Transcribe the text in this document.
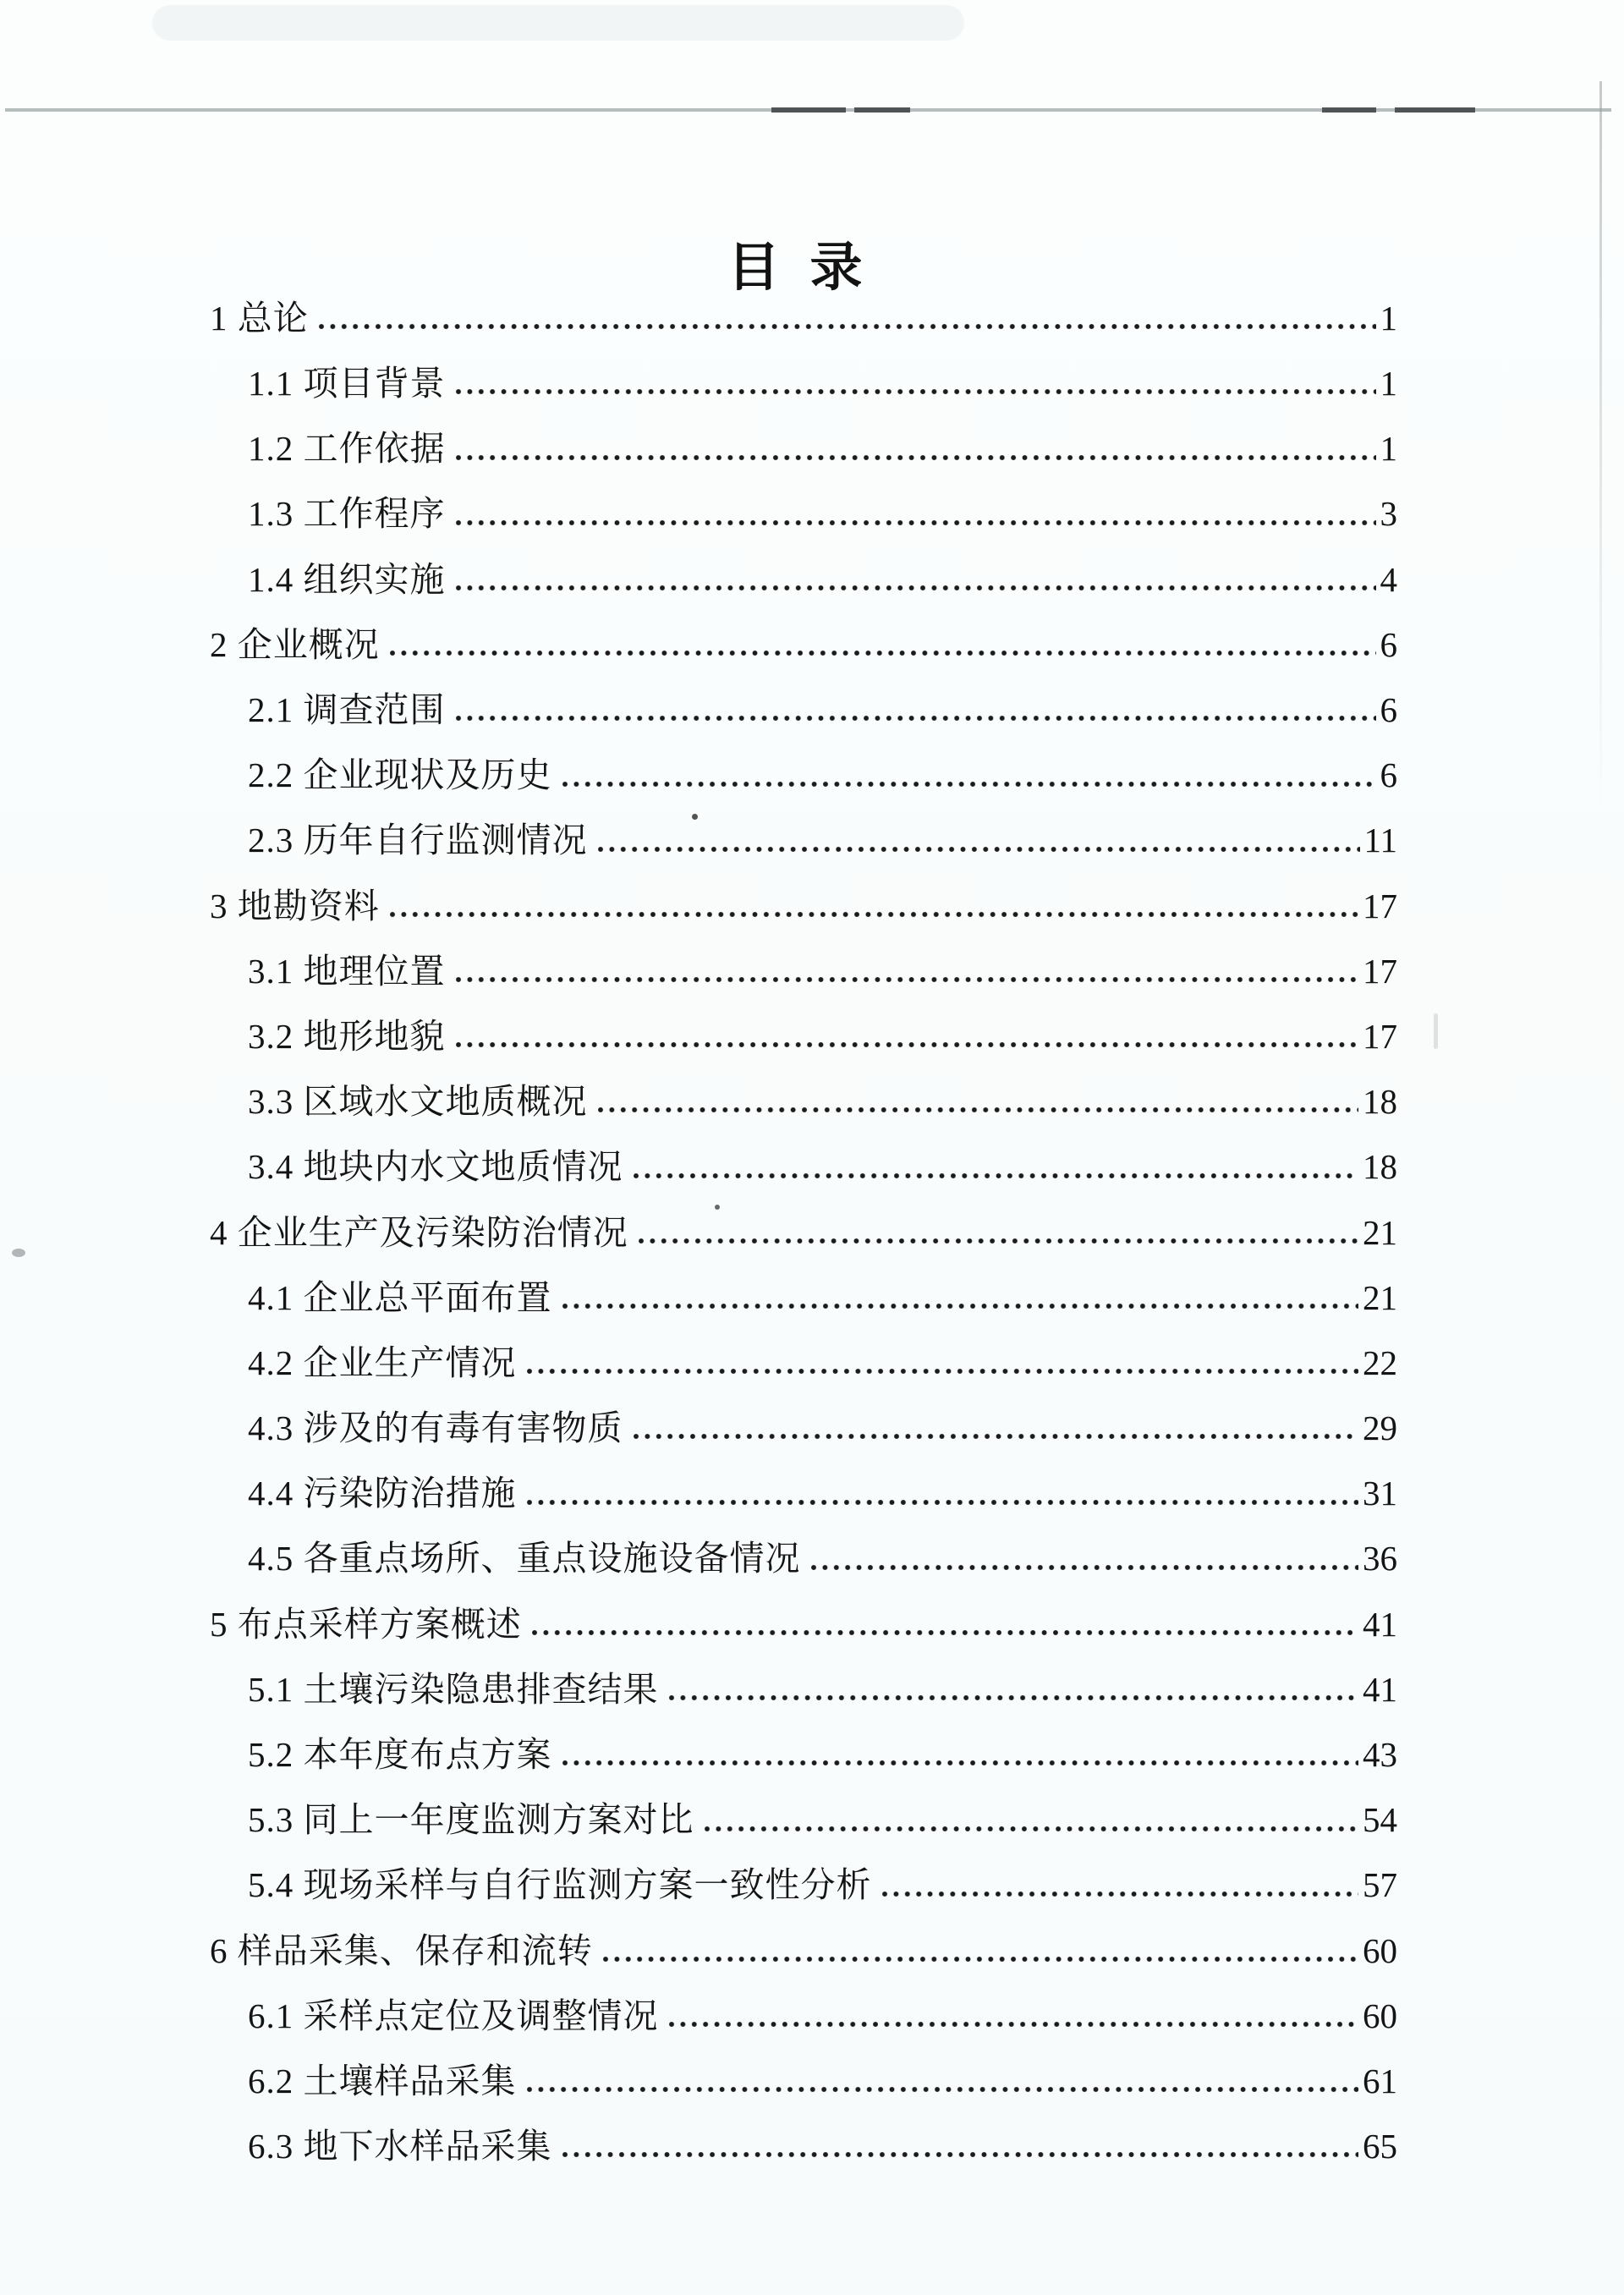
目 录
1 总论	1
1.1 项目背景	1
1.2 工作依据	1
1.3 工作程序	3
1.4 组织实施	4
2 企业概况	6
2.1 调查范围	6
2.2 企业现状及历史	6
2.3 历年自行监测情况	11
3 地勘资料	17
3.1 地理位置	17
3.2 地形地貌	17
3.3 区域水文地质概况	18
3.4 地块内水文地质情况	18
4 企业生产及污染防治情况	21
4.1 企业总平面布置	21
4.2 企业生产情况	22
4.3 涉及的有毒有害物质	29
4.4 污染防治措施	31
4.5 各重点场所、重点设施设备情况	36
5 布点采样方案概述	41
5.1 土壤污染隐患排查结果	41
5.2 本年度布点方案	43
5.3 同上一年度监测方案对比	54
5.4 现场采样与自行监测方案一致性分析	57
6 样品采集、保存和流转	60
6.1 采样点定位及调整情况	60
6.2 土壤样品采集	61
6.3 地下水样品采集	65
